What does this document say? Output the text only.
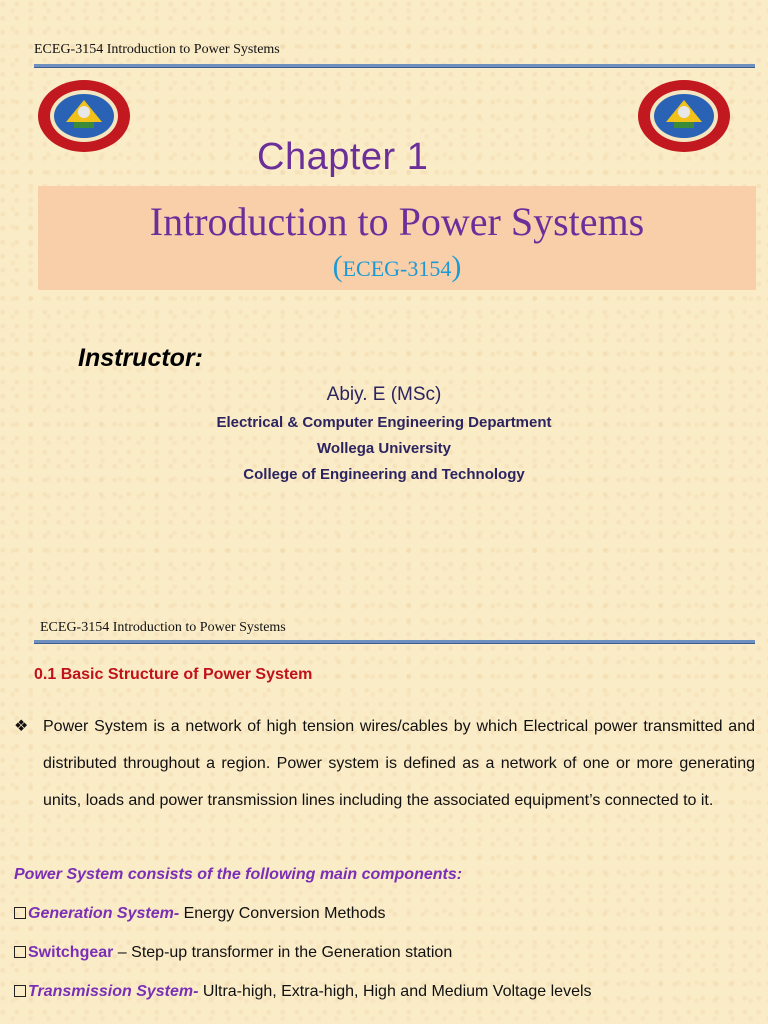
ECEG-3154 Introduction to Power Systems
Chapter 1
Introduction to Power Systems
(ECEG-3154)
Instructor:
Abiy. E (MSc)
Electrical & Computer Engineering Department
Wollega University
College of Engineering and Technology
ECEG-3154 Introduction to Power Systems
0.1 Basic Structure of Power System
❖ Power System is a network of high tension wires/cables by which Electrical power transmitted and distributed throughout a region. Power system is defined as a network of one or more generating units, loads and power transmission lines including the associated equipment’s connected to it.
Power System consists of the following main components:
Generation System- Energy Conversion Methods
Switchgear – Step-up transformer in the Generation station
Transmission System- Ultra-high, Extra-high, High and Medium Voltage levels
